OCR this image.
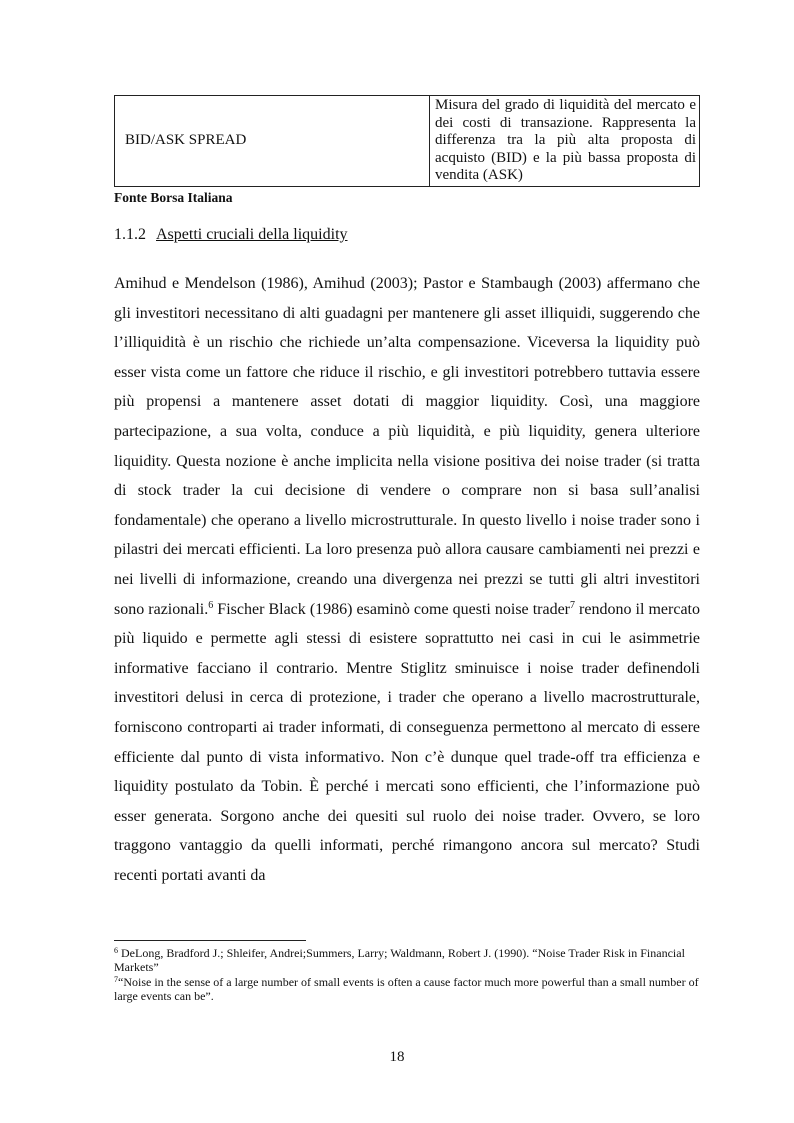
BID/ASK SPREAD	Misura del grado di liquidità del mercato e dei costi di transazione. Rappresenta la differenza tra la più alta proposta di acquisto (BID) e la più bassa proposta di vendita (ASK)
Fonte Borsa Italiana
1.1.2 Aspetti cruciali della liquidity

Amihud e Mendelson (1986), Amihud (2003); Pastor e Stambaugh (2003) affermano che gli investitori necessitano di alti guadagni per mantenere gli asset illiquidi, suggerendo che l’illiquidità è un rischio che richiede un’alta compensazione. Viceversa la liquidity può esser vista come un fattore che riduce il rischio, e gli investitori potrebbero tuttavia essere più propensi a mantenere asset dotati di maggior liquidity. Così, una maggiore partecipazione, a sua volta, conduce a più liquidità, e più liquidity, genera ulteriore liquidity. Questa nozione è anche implicita nella visione positiva dei noise trader (si tratta di stock trader la cui decisione di vendere o comprare non si basa sull’analisi fondamentale) che operano a livello microstrutturale. In questo livello i noise trader sono i pilastri dei mercati efficienti. La loro presenza può allora causare cambiamenti nei prezzi e nei livelli di informazione, creando una divergenza nei prezzi se tutti gli altri investitori sono razionali.$^6$ Fischer Black (1986) esaminò come questi noise trader$^7$ rendono il mercato più liquido e permette agli stessi di esistere soprattutto nei casi in cui le asimmetrie informative facciano il contrario. Mentre Stiglitz sminuisce i noise trader definendoli investitori delusi in cerca di protezione, i trader che operano a livello macrostrutturale, forniscono controparti ai trader informati, di conseguenza permettono al mercato di essere efficiente dal punto di vista informativo. Non c’è dunque quel trade-off tra efficienza e liquidity postulato da Tobin. È perché i mercati sono efficienti, che l’informazione può esser generata. Sorgono anche dei quesiti sul ruolo dei noise trader. Ovvero, se loro traggono vantaggio da quelli informati, perché rimangono ancora sul mercato? Studi recenti portati avanti da

$^6$ DeLong, Bradford J.; Shleifer, Andrei;Summers, Larry; Waldmann, Robert J. (1990). “Noise Trader Risk in Financial Markets”

$^7$“Noise in the sense of a large number of small events is often a cause factor much more powerful than a small number of large events can be”.

18
